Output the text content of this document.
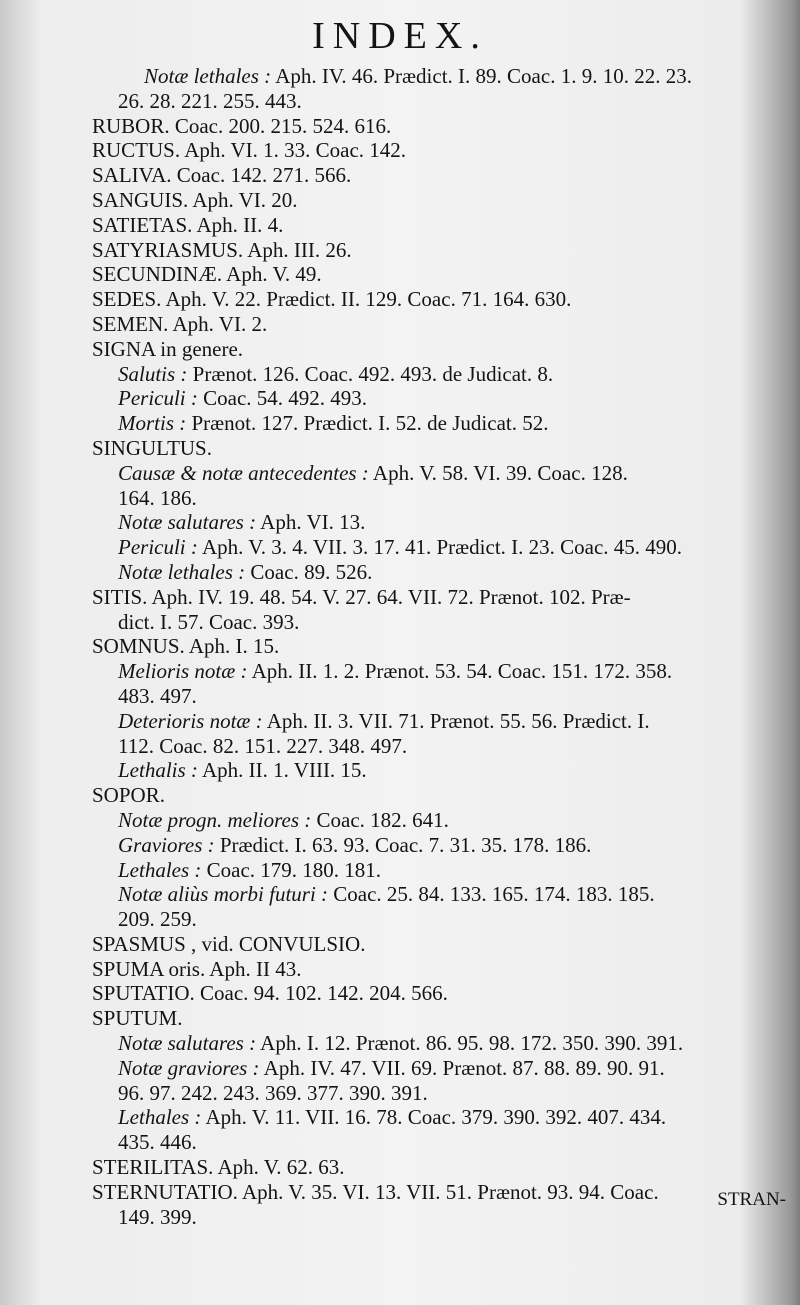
INDEX.
Notæ lethales : Aph. IV. 46. Prædict. I. 89. Coac. 1. 9. 10. 22. 23.
26. 28. 221. 255. 443.
RUBOR. Coac. 200. 215. 524. 616.
RUCTUS. Aph. VI. 1. 33. Coac. 142.
SALIVA. Coac. 142. 271. 566.
SANGUIS. Aph. VI. 20.
SATIETAS. Aph. II. 4.
SATYRIASMUS. Aph. III. 26.
SECUNDINÆ. Aph. V. 49.
SEDES. Aph. V. 22. Prædict. II. 129. Coac. 71. 164. 630.
SEMEN. Aph. VI. 2.
SIGNA in genere.
Salutis : Prænot. 126. Coac. 492. 493. de Judicat. 8.
Periculi : Coac. 54. 492. 493.
Mortis : Prænot. 127. Prædict. I. 52. de Judicat. 52.
SINGULTUS.
Causæ & notæ antecedentes : Aph. V. 58. VI. 39. Coac. 128.
164. 186.
Notæ salutares : Aph. VI. 13.
Periculi : Aph. V. 3. 4. VII. 3. 17. 41. Prædict. I. 23. Coac. 45. 490.
Notæ lethales : Coac. 89. 526.
SITIS. Aph. IV. 19. 48. 54. V. 27. 64. VII. 72. Prænot. 102. Præ-
dict. I. 57. Coac. 393.
SOMNUS. Aph. I. 15.
Melioris notæ : Aph. II. 1. 2. Prænot. 53. 54. Coac. 151. 172. 358.
483. 497.
Deterioris notæ : Aph. II. 3. VII. 71. Prænot. 55. 56. Prædict. I.
112. Coac. 82. 151. 227. 348. 497.
Lethalis : Aph. II. 1. VIII. 15.
SOPOR.
Notæ progn. meliores : Coac. 182. 641.
Graviores : Prædict. I. 63. 93. Coac. 7. 31. 35. 178. 186.
Lethales : Coac. 179. 180. 181.
Notæ aliùs morbi futuri : Coac. 25. 84. 133. 165. 174. 183. 185.
209. 259.
SPASMUS , vid. CONVULSIO.
SPUMA oris. Aph. II 43.
SPUTATIO. Coac. 94. 102. 142. 204. 566.
SPUTUM.
Notæ salutares : Aph. I. 12. Prænot. 86. 95. 98. 172. 350. 390. 391.
Notæ graviores : Aph. IV. 47. VII. 69. Prænot. 87. 88. 89. 90. 91.
96. 97. 242. 243. 369. 377. 390. 391.
Lethales : Aph. V. 11. VII. 16. 78. Coac. 379. 390. 392. 407. 434.
435. 446.
STERILITAS. Aph. V. 62. 63.
STERNUTATIO. Aph. V. 35. VI. 13. VII. 51. Prænot. 93. 94. Coac.
149. 399.
STRAN-
